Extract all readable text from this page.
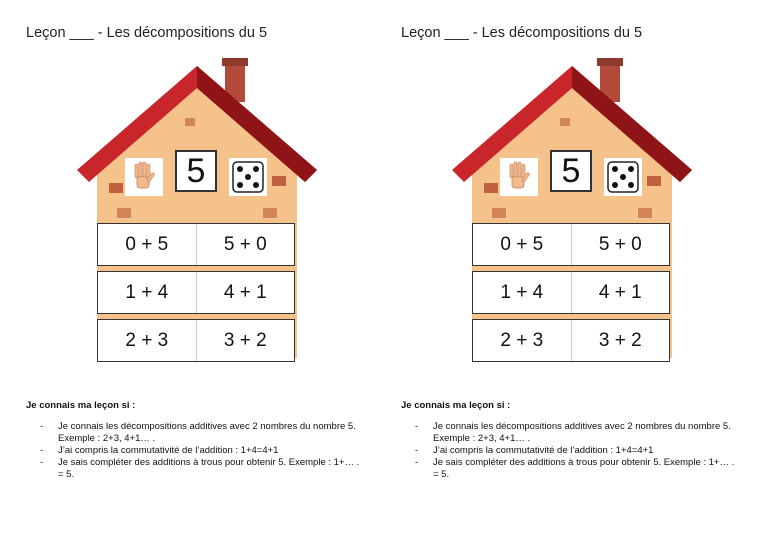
Leçon ___ - Les décompositions du 5
5
0 + 5	5 + 0
1 + 4	4 + 1
2 + 3	3 + 2
Je connais ma leçon si :
- Je connais les décompositions additives avec 2 nombres du nombre 5. Exemple : 2+3, 4+1… .
- J’ai compris la commutativité de l’addition : 1+4=4+1
- Je sais compléter des additions à trous pour obtenir 5. Exemple : 1+… . = 5.
Leçon ___ - Les décompositions du 5
5
0 + 5	5 + 0
1 + 4	4 + 1
2 + 3	3 + 2
Je connais ma leçon si :
- Je connais les décompositions additives avec 2 nombres du nombre 5. Exemple : 2+3, 4+1… .
- J’ai compris la commutativité de l’addition : 1+4=4+1
- Je sais compléter des additions à trous pour obtenir 5. Exemple : 1+… . = 5.
